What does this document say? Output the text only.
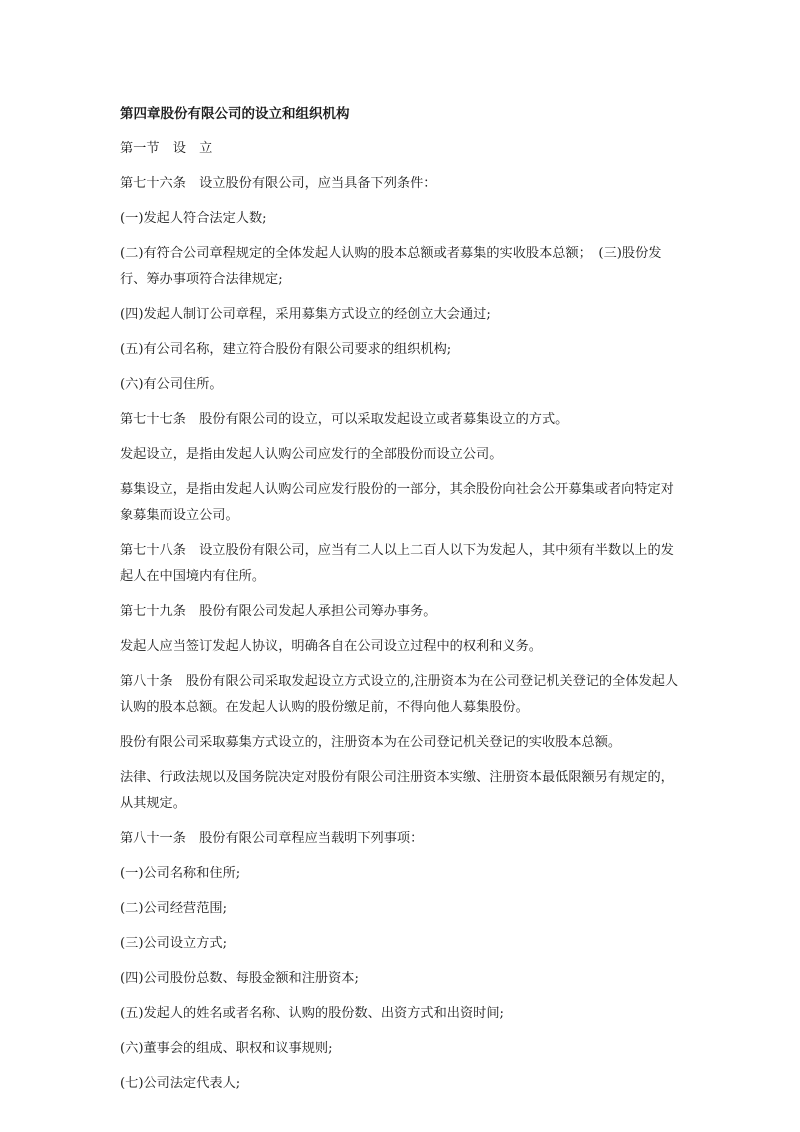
第四章股份有限公司的设立和组织机构
第一节　设　立
第七十六条　设立股份有限公司，应当具备下列条件：
(一)发起人符合法定人数;
(二)有符合公司章程规定的全体发起人认购的股本总额或者募集的实收股本总额；　(三)股份发行、筹办事项符合法律规定;
(四)发起人制订公司章程，采用募集方式设立的经创立大会通过;
(五)有公司名称，建立符合股份有限公司要求的组织机构;
(六)有公司住所。
第七十七条　股份有限公司的设立，可以采取发起设立或者募集设立的方式。
发起设立，是指由发起人认购公司应发行的全部股份而设立公司。
募集设立，是指由发起人认购公司应发行股份的一部分，其余股份向社会公开募集或者向特定对象募集而设立公司。
第七十八条　设立股份有限公司，应当有二人以上二百人以下为发起人，其中须有半数以上的发起人在中国境内有住所。
第七十九条　股份有限公司发起人承担公司筹办事务。
发起人应当签订发起人协议，明确各自在公司设立过程中的权利和义务。
第八十条　股份有限公司采取发起设立方式设立的,注册资本为在公司登记机关登记的全体发起人认购的股本总额。在发起人认购的股份缴足前，不得向他人募集股份。
股份有限公司采取募集方式设立的，注册资本为在公司登记机关登记的实收股本总额。
法律、行政法规以及国务院决定对股份有限公司注册资本实缴、注册资本最低限额另有规定的，从其规定。
第八十一条　股份有限公司章程应当载明下列事项：
(一)公司名称和住所;
(二)公司经营范围;
(三)公司设立方式;
(四)公司股份总数、每股金额和注册资本;
(五)发起人的姓名或者名称、认购的股份数、出资方式和出资时间;
(六)董事会的组成、职权和议事规则;
(七)公司法定代表人;
